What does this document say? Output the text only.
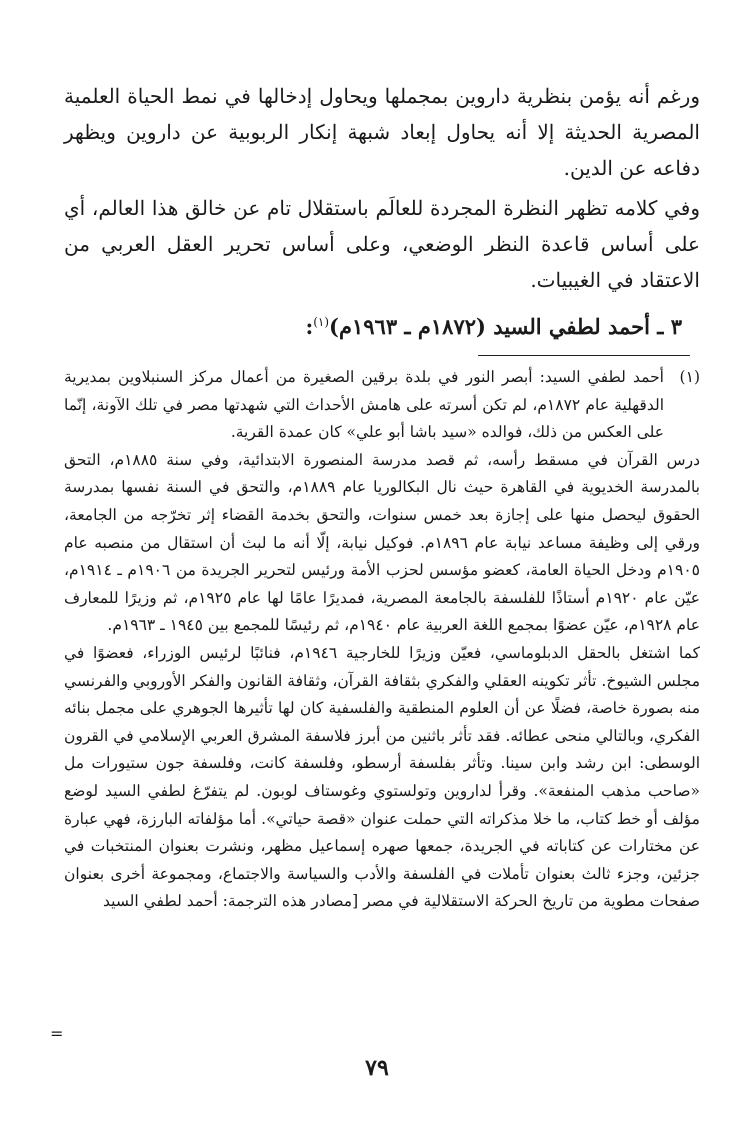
ورغم أنه يؤمن بنظرية داروين بمجملها ويحاول إدخالها في نمط الحياة العلمية المصرية الحديثة إلا أنه يحاول إبعاد شبهة إنكار الربوبية عن داروين ويظهر دفاعه عن الدين.

وفي كلامه تظهر النظرة المجردة للعالَم باستقلال تام عن خالق هذا العالم، أي على أساس قاعدة النظر الوضعي، وعلى أساس تحرير العقل العربي من الاعتقاد في الغيبيات.

٣ ـ أحمد لطفي السيد (١٨٧٢م ـ ١٩٦٣م)$^{(١)}$:

(١)
أحمد لطفي السيد: أبصر النور في بلدة برقين الصغيرة من أعمال مركز السنبلاوين بمديرية الدقهلية عام ١٨٧٢م، لم تكن أسرته على هامش الأحداث التي شهدتها مصر في تلك الآونة، إنّما على العكس من ذلك، فوالده «سيد باشا أبو علي» كان عمدة القرية.

درس القرآن في مسقط رأسه، ثم قصد مدرسة المنصورة الابتدائية، وفي سنة ١٨٨٥م، التحق بالمدرسة الخديوية في القاهرة حيث نال البكالوريا عام ١٨٨٩م، والتحق في السنة نفسها بمدرسة الحقوق ليحصل منها على إجازة بعد خمس سنوات، والتحق بخدمة القضاء إثر تخرّجه من الجامعة، ورقي إلى وظيفة مساعد نيابة عام ١٨٩٦م. فوكيل نيابة، إلّا أنه ما لبث أن استقال من منصبه عام ١٩٠٥م ودخل الحياة العامة، كعضو مؤسس لحزب الأمة ورئيس لتحرير الجريدة من ١٩٠٦م ـ ١٩١٤م، عيّن عام ١٩٢٠م أستاذًا للفلسفة بالجامعة المصرية، فمديرًا عامًا لها عام ١٩٢٥م، ثم وزيرًا للمعارف عام ١٩٢٨م، عيّن عضوًا بمجمع اللغة العربية عام ١٩٤٠م، ثم رئيسًا للمجمع بين ١٩٤٥ ـ ١٩٦٣م.

كما اشتغل بالحقل الدبلوماسي، فعيّن وزيرًا للخارجية ١٩٤٦م، فنائبًا لرئيس الوزراء، فعضوًا في مجلس الشيوخ. تأثر تكوينه العقلي والفكري بثقافة القرآن، وثقافة القانون والفكر الأوروبي والفرنسي منه بصورة خاصة، فضلًا عن أن العلوم المنطقية والفلسفية كان لها تأثيرها الجوهري على مجمل بنائه الفكري، وبالتالي منحى عطائه. فقد تأثر باثنين من أبرز فلاسفة المشرق العربي الإسلامي في القرون الوسطى: ابن رشد وابن سينا. وتأثر بفلسفة أرسطو، وفلسفة كانت، وفلسفة جون ستيورات مل «صاحب مذهب المنفعة». وقرأ لداروين وتولستوي وغوستاف لوبون. لم يتفرّغ لطفي السيد لوضع مؤلف أو خط كتاب، ما خلا مذكراته التي حملت عنوان «قصة حياتي». أما مؤلفاته البارزة، فهي عبارة عن مختارات عن كتاباته في الجريدة، جمعها صهره إسماعيل مظهر، ونشرت بعنوان المنتخبات في جزئين، وجزء ثالث بعنوان تأملات في الفلسفة والأدب والسياسة والاجتماع، ومجموعة أخرى بعنوان صفحات مطوية من تاريخ الحركة الاستقلالية في مصر [مصادر هذه الترجمة: أحمد لطفي السيد

=
٧٩
